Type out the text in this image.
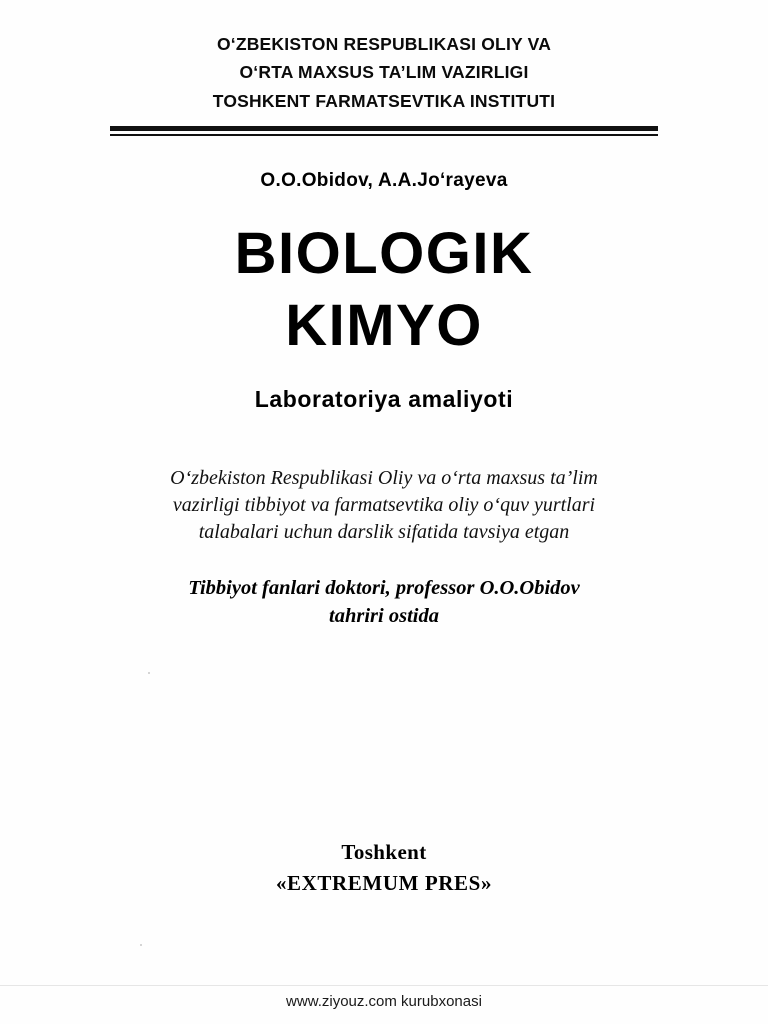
O‘ZBEKISTON RESPUBLIKASI OLIY VA
O‘RTA MAXSUS TA’LIM VAZIRLIGI
TOSHKENT FARMATSEVTIKA INSTITUTI
O.O.Obidov, A.A.Jo‘rayeva
BIOLOGIK
KIMYO
Laboratoriya amaliyoti
O‘zbekiston Respublikasi Oliy va o‘rta maxsus ta’lim
vazirligi tibbiyot va farmatsevtika oliy o‘quv yurtlari
talabalari uchun darslik sifatida tavsiya etgan
Tibbiyot fanlari doktori, professor O.O.Obidov
tahriri ostida
Toshkent
«EXTREMUM PRES»
www.ziyouz.com kurubxonasi
